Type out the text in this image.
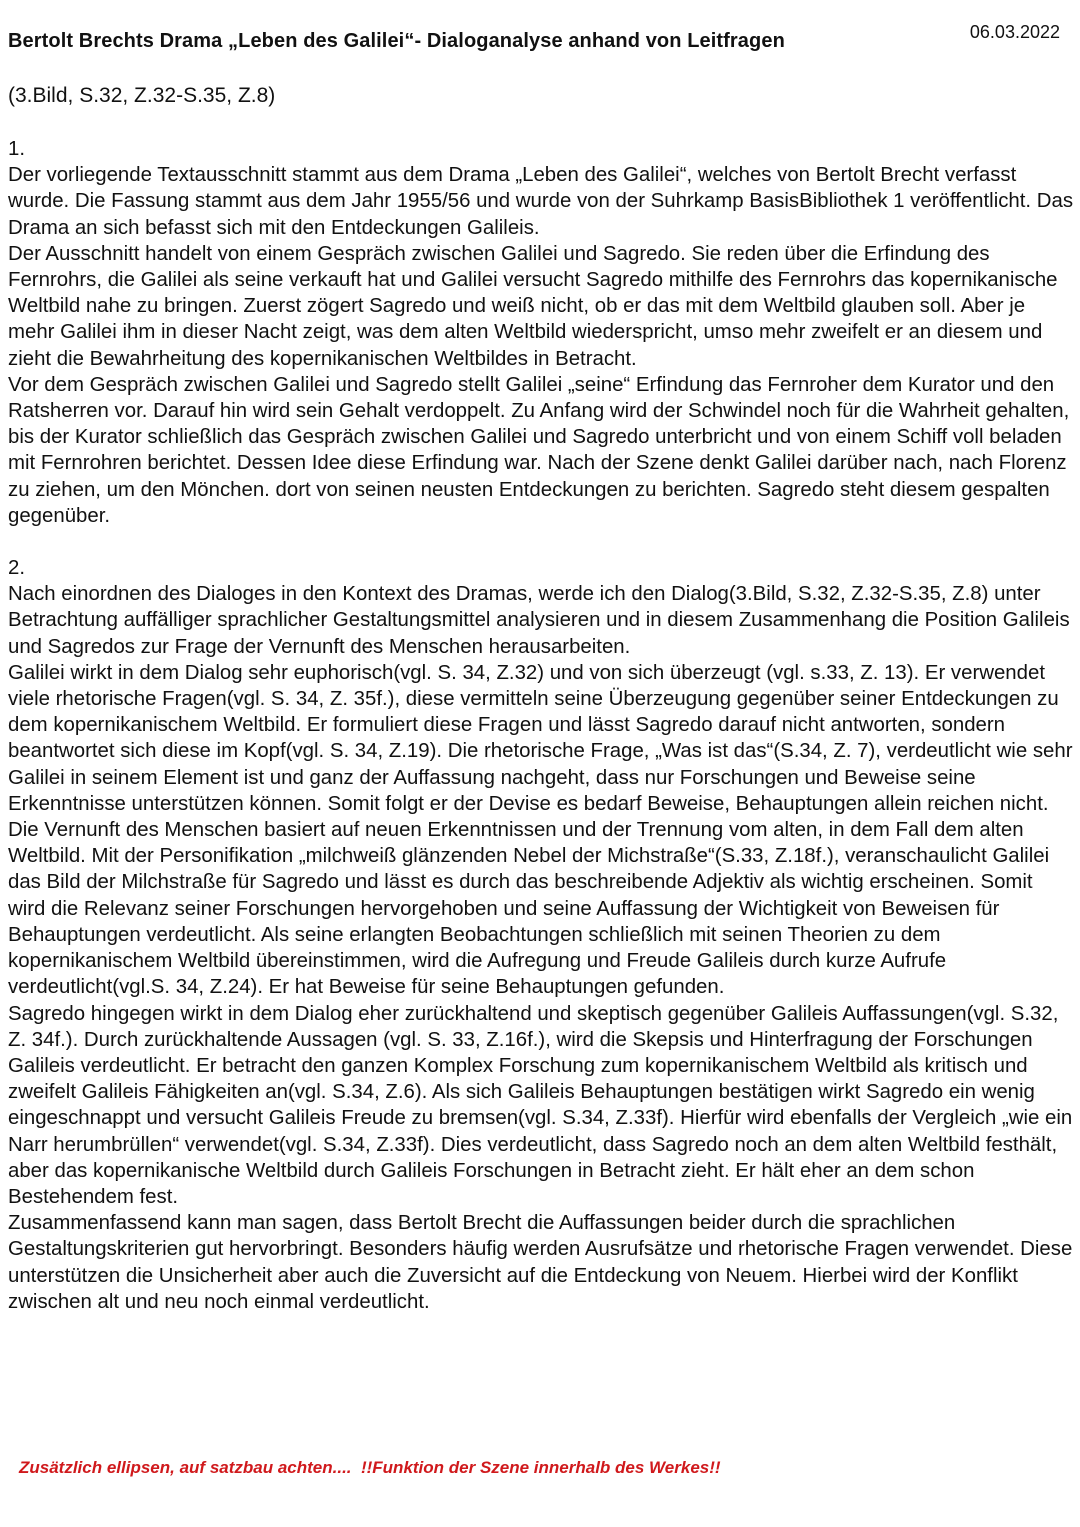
06.03.2022
Bertolt Brechts Drama „Leben des Galilei“- Dialoganalyse anhand von Leitfragen
(3.Bild, S.32, Z.32-S.35, Z.8)

1.

Der vorliegende Textausschnitt stammt aus dem Drama „Leben des Galilei“, welches von Bertolt Brecht verfasst wurde. Die Fassung stammt aus dem Jahr 1955/56 und wurde von der Suhrkamp BasisBibliothek 1 veröffentlicht. Das Drama an sich befasst sich mit den Entdeckungen Galileis.

Der Ausschnitt handelt von einem Gespräch zwischen Galilei und Sagredo. Sie reden über die Erfindung des Fernrohrs, die Galilei als seine verkauft hat und Galilei versucht Sagredo mithilfe des Fernrohrs das kopernikanische Weltbild nahe zu bringen. Zuerst zögert Sagredo und weiß nicht, ob er das mit dem Weltbild glauben soll. Aber je mehr Galilei ihm in dieser Nacht zeigt, was dem alten Weltbild wiederspricht, umso mehr zweifelt er an diesem und zieht die Bewahrheitung des kopernikanischen Weltbildes in Betracht.

Vor dem Gespräch zwischen Galilei und Sagredo stellt Galilei „seine“ Erfindung das Fernroher dem Kurator und den Ratsherren vor. Darauf hin wird sein Gehalt verdoppelt. Zu Anfang wird der Schwindel noch für die Wahrheit gehalten, bis der Kurator schließlich das Gespräch zwischen Galilei und Sagredo unterbricht und von einem Schiff voll beladen mit Fernrohren berichtet. Dessen Idee diese Erfindung war. Nach der Szene denkt Galilei darüber nach, nach Florenz zu ziehen, um den Mönchen. dort von seinen neusten Entdeckungen zu berichten. Sagredo steht diesem gespalten gegenüber.

2.

Nach einordnen des Dialoges in den Kontext des Dramas, werde ich den Dialog(3.Bild, S.32, Z.32-S.35, Z.8) unter Betrachtung auffälliger sprachlicher Gestaltungsmittel analysieren und in diesem Zusammenhang die Position Galileis und Sagredos zur Frage der Vernunft des Menschen herausarbeiten.

Galilei wirkt in dem Dialog sehr euphorisch(vgl. S. 34, Z.32) und von sich überzeugt (vgl. s.33, Z. 13). Er verwendet viele rhetorische Fragen(vgl. S. 34, Z. 35f.), diese vermitteln seine Überzeugung gegenüber seiner Entdeckungen zu dem kopernikanischem Weltbild. Er formuliert diese Fragen und lässt Sagredo darauf nicht antworten, sondern beantwortet sich diese im Kopf(vgl. S. 34, Z.19). Die rhetorische Frage, „Was ist das“(S.34, Z. 7), verdeutlicht wie sehr Galilei in seinem Element ist und ganz der Auffassung nachgeht, dass nur Forschungen und Beweise seine Erkenntnisse unterstützen können. Somit folgt er der Devise es bedarf Beweise, Behauptungen allein reichen nicht. Die Vernunft des Menschen basiert auf neuen Erkenntnissen und der Trennung vom alten, in dem Fall dem alten Weltbild. Mit der Personifikation „milchweiß glänzenden Nebel der Michstraße“(S.33, Z.18f.), veranschaulicht Galilei das Bild der Milchstraße für Sagredo und lässt es durch das beschreibende Adjektiv als wichtig erscheinen. Somit wird die Relevanz seiner Forschungen hervorgehoben und seine Auffassung der Wichtigkeit von Beweisen für Behauptungen verdeutlicht. Als seine erlangten Beobachtungen schließlich mit seinen Theorien zu dem kopernikanischem Weltbild übereinstimmen, wird die Aufregung und Freude Galileis durch kurze Aufrufe verdeutlicht(vgl.S. 34, Z.24). Er hat Beweise für seine Behauptungen gefunden.

Sagredo hingegen wirkt in dem Dialog eher zurückhaltend und skeptisch gegenüber Galileis Auffassungen(vgl. S.32, Z. 34f.). Durch zurückhaltende Aussagen (vgl. S. 33, Z.16f.), wird die Skepsis und Hinterfragung der Forschungen Galileis verdeutlicht. Er betracht den ganzen Komplex Forschung zum kopernikanischem Weltbild als kritisch und zweifelt Galileis Fähigkeiten an(vgl. S.34, Z.6). Als sich Galileis Behauptungen bestätigen wirkt Sagredo ein wenig eingeschnappt und versucht Galileis Freude zu bremsen(vgl. S.34, Z.33f). Hierfür wird ebenfalls der Vergleich „wie ein Narr herumbrüllen“ verwendet(vgl. S.34, Z.33f). Dies verdeutlicht, dass Sagredo noch an dem alten Weltbild festhält, aber das kopernikanische Weltbild durch Galileis Forschungen in Betracht zieht. Er hält eher an dem schon Bestehendem fest.

Zusammenfassend kann man sagen, dass Bertolt Brecht die Auffassungen beider durch die sprachlichen Gestaltungskriterien gut hervorbringt. Besonders häufig werden Ausrufsätze und rhetorische Fragen verwendet. Diese unterstützen die Unsicherheit aber auch die Zuversicht auf die Entdeckung von Neuem. Hierbei wird der Konflikt zwischen alt und neu noch einmal verdeutlicht.

Zusätzlich ellipsen, auf satzbau achten....  !!Funktion der Szene innerhalb des Werkes!!
